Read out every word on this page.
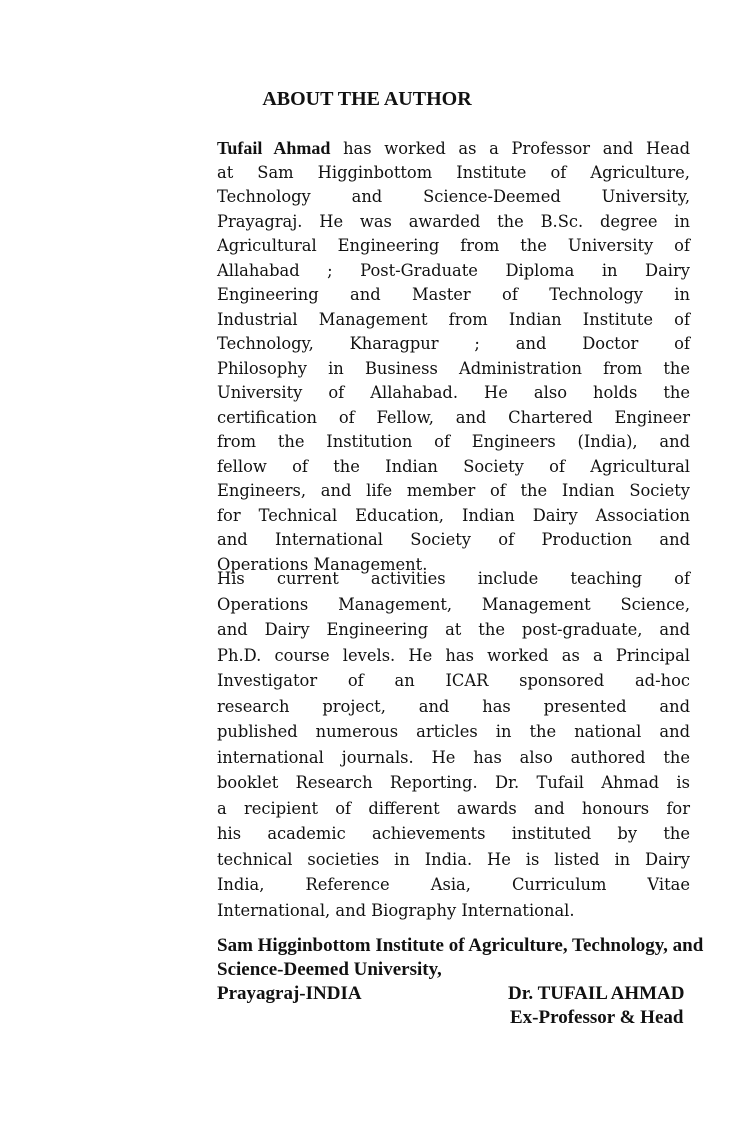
ABOUT THE AUTHOR
Tufail Ahmad has worked as a Professor and Head
at Sam Higginbottom Institute of Agriculture,
Technology and Science-Deemed University,
Prayagraj. He was awarded the B.Sc. degree in
Agricultural Engineering from the University of
Allahabad ; Post-Graduate Diploma in Dairy
Engineering and Master of Technology in
Industrial Management from Indian Institute of
Technology, Kharagpur ; and Doctor of
Philosophy in Business Administration from the
University of Allahabad. He also holds the
certification of Fellow, and Chartered Engineer
from the Institution of Engineers (India), and
fellow of the Indian Society of Agricultural
Engineers, and life member of the Indian Society
for Technical Education, Indian Dairy Association
and International Society of Production and
Operations Management.
His current activities include teaching of
Operations Management, Management Science,
and Dairy Engineering at the post-graduate, and
Ph.D. course levels. He has worked as a Principal
Investigator of an ICAR sponsored ad-hoc
research project, and has presented and
published numerous articles in the national and
international journals. He has also authored the
booklet Research Reporting. Dr. Tufail Ahmad is
a recipient of different awards and honours for
his academic achievements instituted by the
technical societies in India. He is listed in Dairy
India, Reference Asia, Curriculum Vitae
International, and Biography International.
Sam Higginbottom Institute of Agriculture, Technology, and
Science-Deemed University,
Prayagraj-INDIA	Dr. TUFAIL AHMAD
Ex-Professor & Head
